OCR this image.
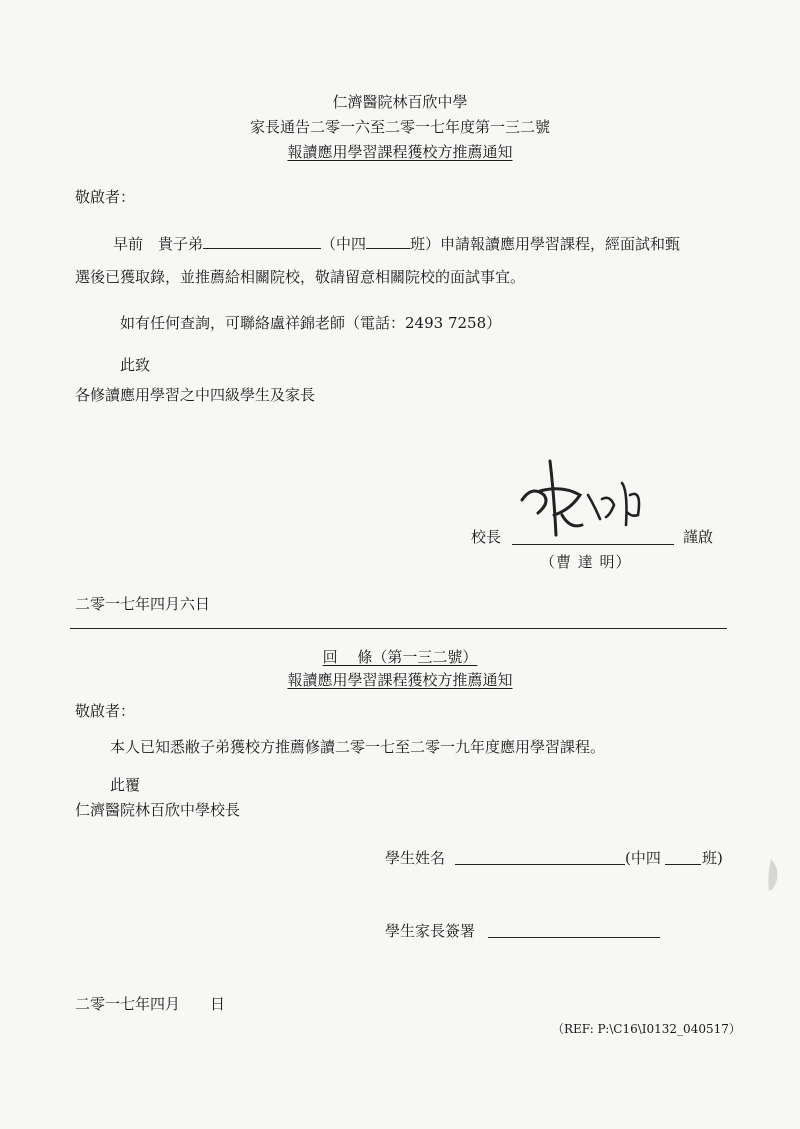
仁濟醫院林百欣中學
家長通告二零一六至二零一七年度第一三二號
報讀應用學習課程獲校方推薦通知
敬啟者：
早前　貴子弟	（中四	班）申請報讀應用學習課程，經面試和甄
選後已獲取錄，並推薦給相關院校，敬請留意相關院校的面試事宜。
如有任何查詢，可聯絡盧祥錦老師（電話：2493 7258）
此致
各修讀應用學習之中四級學生及家長
校長	謹啟
（曹 達 明）
二零一七年四月六日
回　 條（第一三二號）
報讀應用學習課程獲校方推薦通知
敬啟者：
本人已知悉敝子弟獲校方推薦修讀二零一七至二零一九年度應用學習課程。
此覆
仁濟醫院林百欣中學校長
學生姓名	(中四	班)
學生家長簽署
二零一七年四月　　日
（REF: P:\C16\I0132_040517）
